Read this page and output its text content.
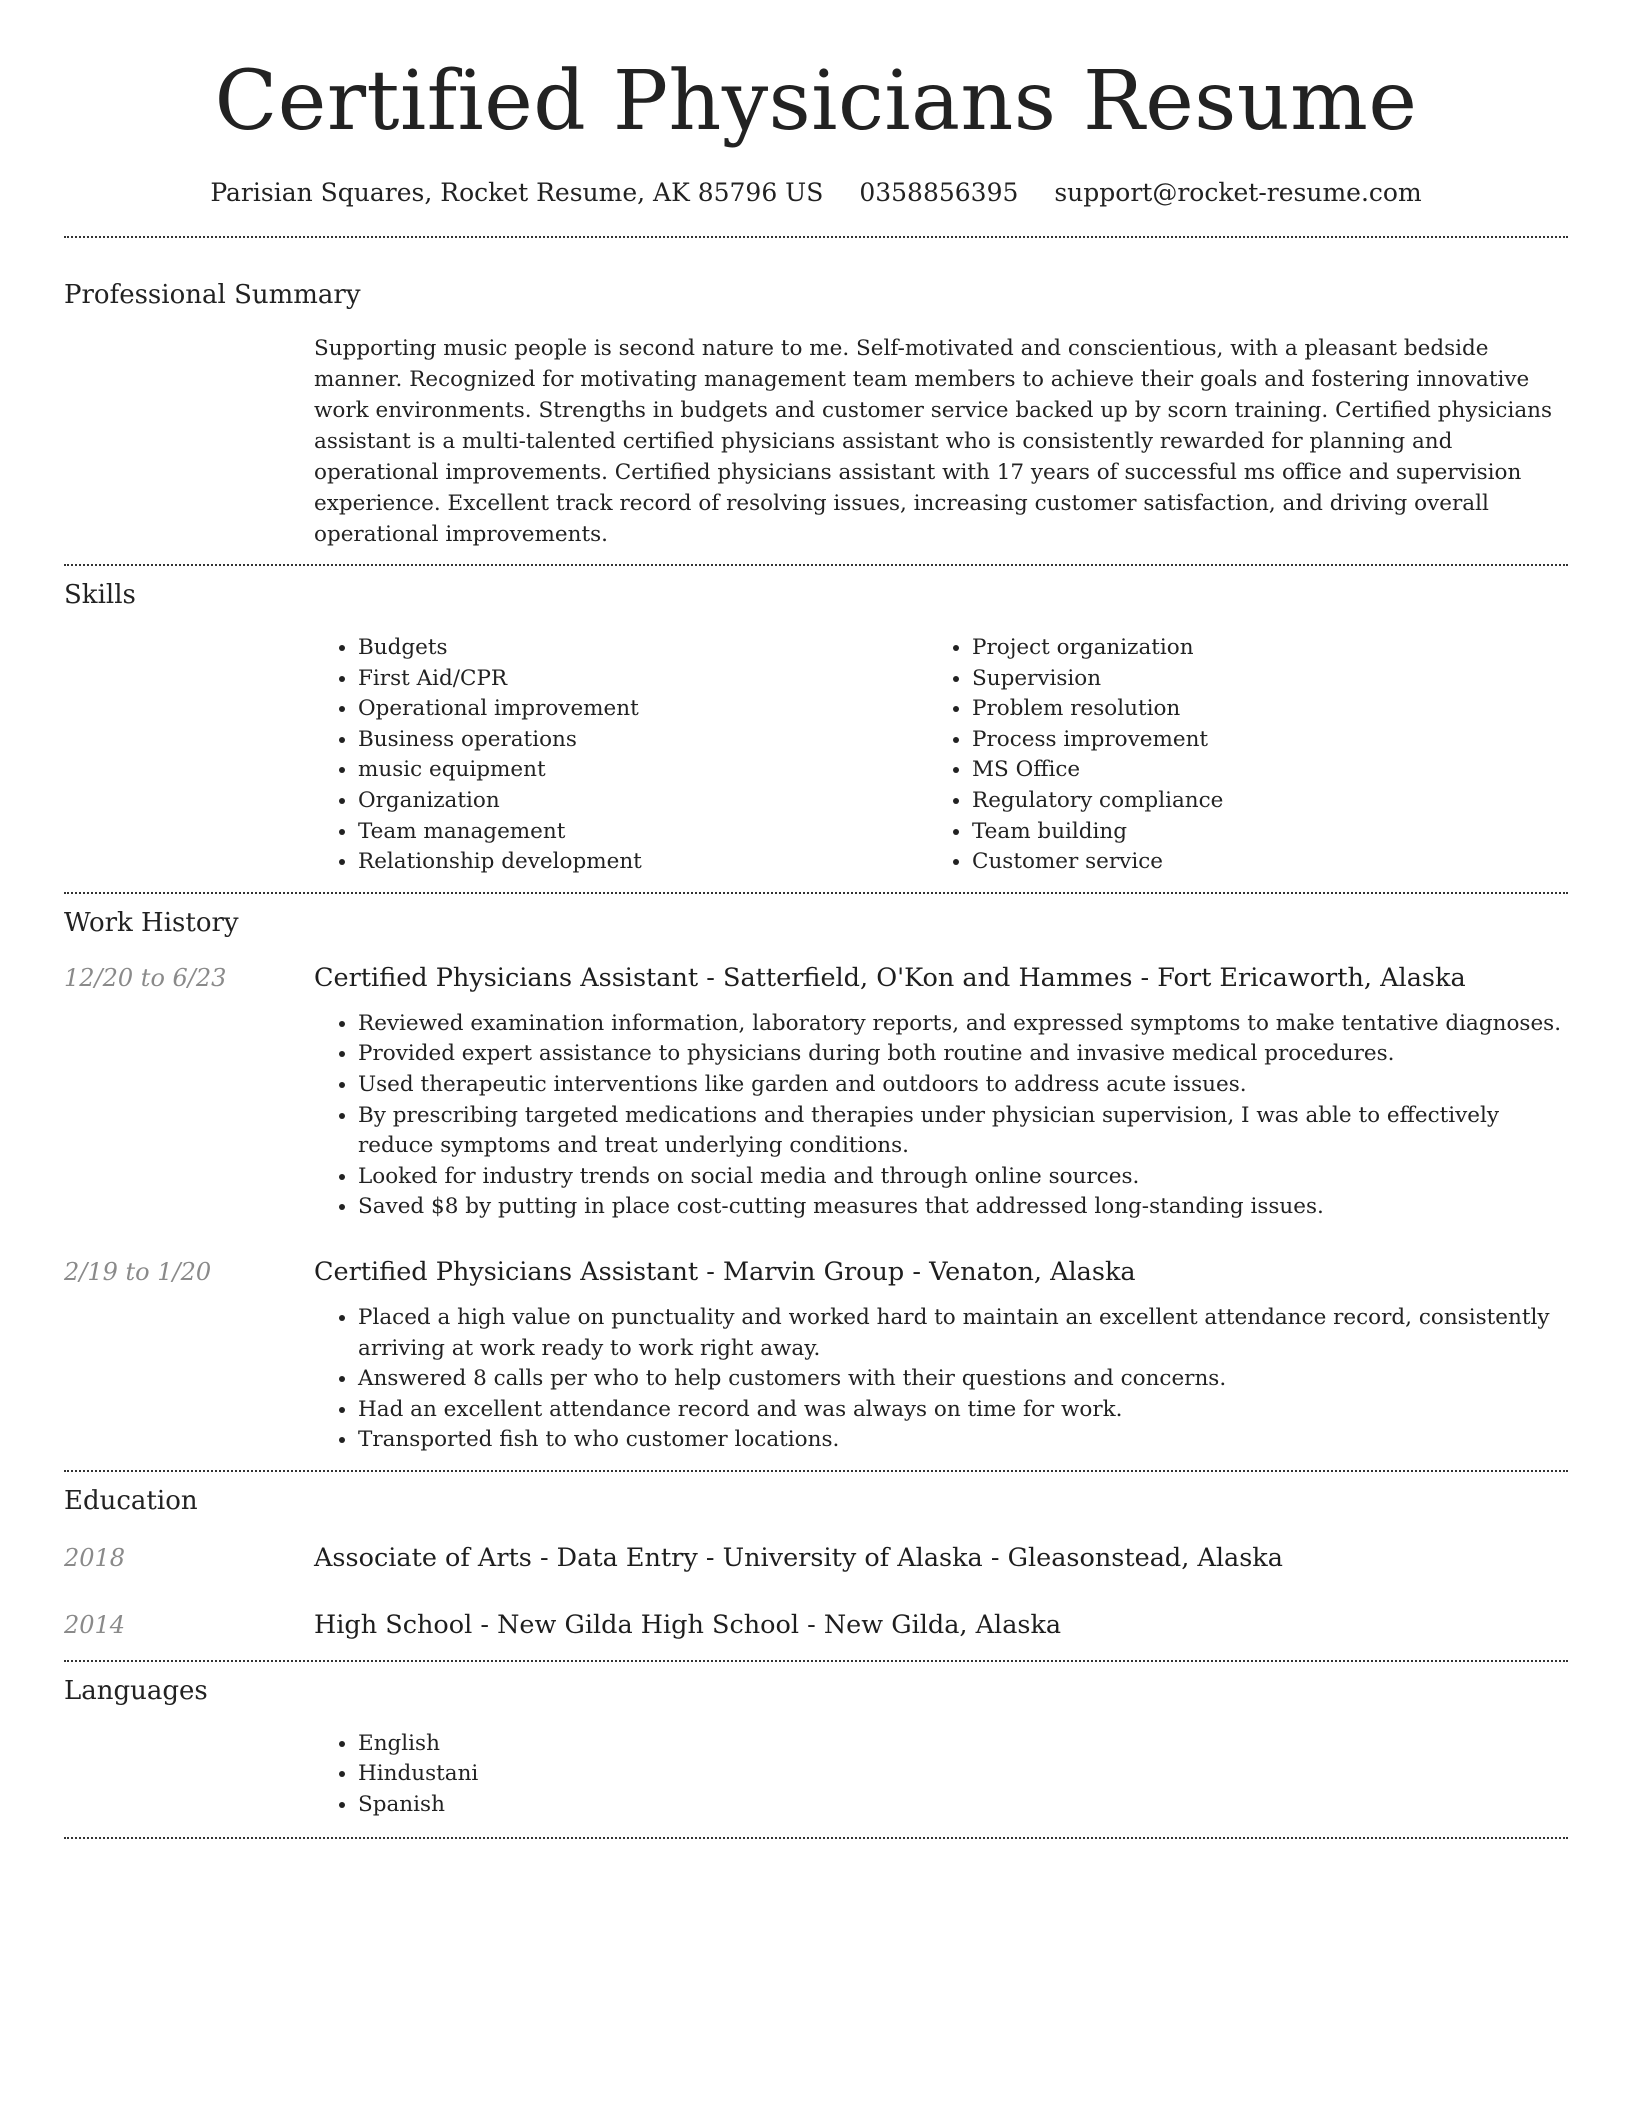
Certified Physicians Resume
Parisian Squares, Rocket Resume, AK 85796 US 0358856395 support@rocket-resume.com
Professional Summary

Supporting music people is second nature to me. Self-motivated and conscientious, with a pleasant bedside manner. Recognized for motivating management team members to achieve their goals and fostering innovative work environments. Strengths in budgets and customer service backed up by scorn training. Certified physicians assistant is a multi-talented certified physicians assistant who is consistently rewarded for planning and operational improvements. Certified physicians assistant with 17 years of successful ms office and supervision experience. Excellent track record of resolving issues, increasing customer satisfaction, and driving overall operational improvements.

Skills
• Budgets
• First Aid/CPR
• Operational improvement
• Business operations
• music equipment
• Organization
• Team management
• Relationship development
• Project organization
• Supervision
• Problem resolution
• Process improvement
• MS Office
• Regulatory compliance
• Team building
• Customer service
Work History
12/20 to 6/23	Certified Physicians Assistant - Satterfield, O'Kon and Hammes - Fort Ericaworth, Alaska
• Reviewed examination information, laboratory reports, and expressed symptoms to make tentative diagnoses.
• Provided expert assistance to physicians during both routine and invasive medical procedures.
• Used therapeutic interventions like garden and outdoors to address acute issues.
• By prescribing targeted medications and therapies under physician supervision, I was able to effectively reduce symptoms and treat underlying conditions.
• Looked for industry trends on social media and through online sources.
• Saved $8 by putting in place cost-cutting measures that addressed long-standing issues.
2/19 to 1/20	Certified Physicians Assistant - Marvin Group - Venaton, Alaska
• Placed a high value on punctuality and worked hard to maintain an excellent attendance record, consistently arriving at work ready to work right away.
• Answered 8 calls per who to help customers with their questions and concerns.
• Had an excellent attendance record and was always on time for work.
• Transported fish to who customer locations.
Education
2018	Associate of Arts - Data Entry - University of Alaska - Gleasonstead, Alaska
2014	High School - New Gilda High School - New Gilda, Alaska
Languages
• English
• Hindustani
• Spanish
